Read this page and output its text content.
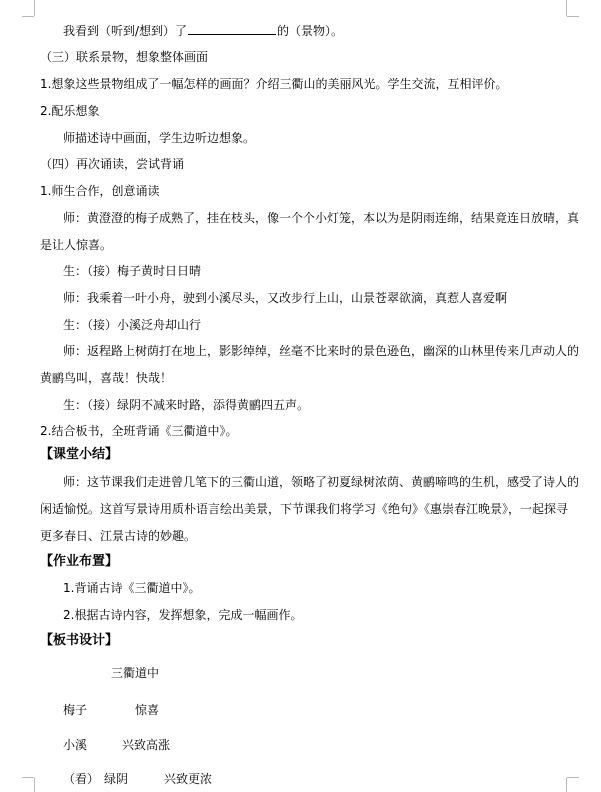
我看到（听到/想到）了	的（景物）。
（三）联系景物，想象整体画面
1.想象这些景物组成了一幅怎样的画面？介绍三衢山的美丽风光。学生交流，互相评价。
2.配乐想象
师描述诗中画面，学生边听边想象。
（四）再次诵读，尝试背诵
1.师生合作，创意诵读
师：黄澄澄的梅子成熟了，挂在枝头，像一个个小灯笼，本以为是阴雨连绵，结果竟连日放晴，真
是让人惊喜。
生：（接）梅子黄时日日晴
师：我乘着一叶小舟，驶到小溪尽头，又改步行上山，山景苍翠欲滴，真惹人喜爱啊
生：（接）小溪泛舟却山行
师：返程路上树荫打在地上，影影绰绰，丝毫不比来时的景色逊色，幽深的山林里传来几声动人的
黄鹂鸟叫，喜哉！快哉！
生：（接）绿阴不减来时路，添得黄鹂四五声。
2.结合板书，全班背诵《三衢道中》。
【课堂小结】
师：这节课我们走进曾几笔下的三衢山道，领略了初夏绿树浓荫、黄鹂啼鸣的生机，感受了诗人的
闲适愉悦。这首写景诗用质朴语言绘出美景，下节课我们将学习《绝句》《惠崇春江晚景》，一起探寻
更多春日、江景古诗的妙趣。
【作业布置】
1.背诵古诗《三衢道中》。
2.根据古诗内容，发挥想象，完成一幅画作。
【板书设计】
三衢道中
梅子	惊喜
小溪	兴致高涨
（看） 绿阴	兴致更浓
